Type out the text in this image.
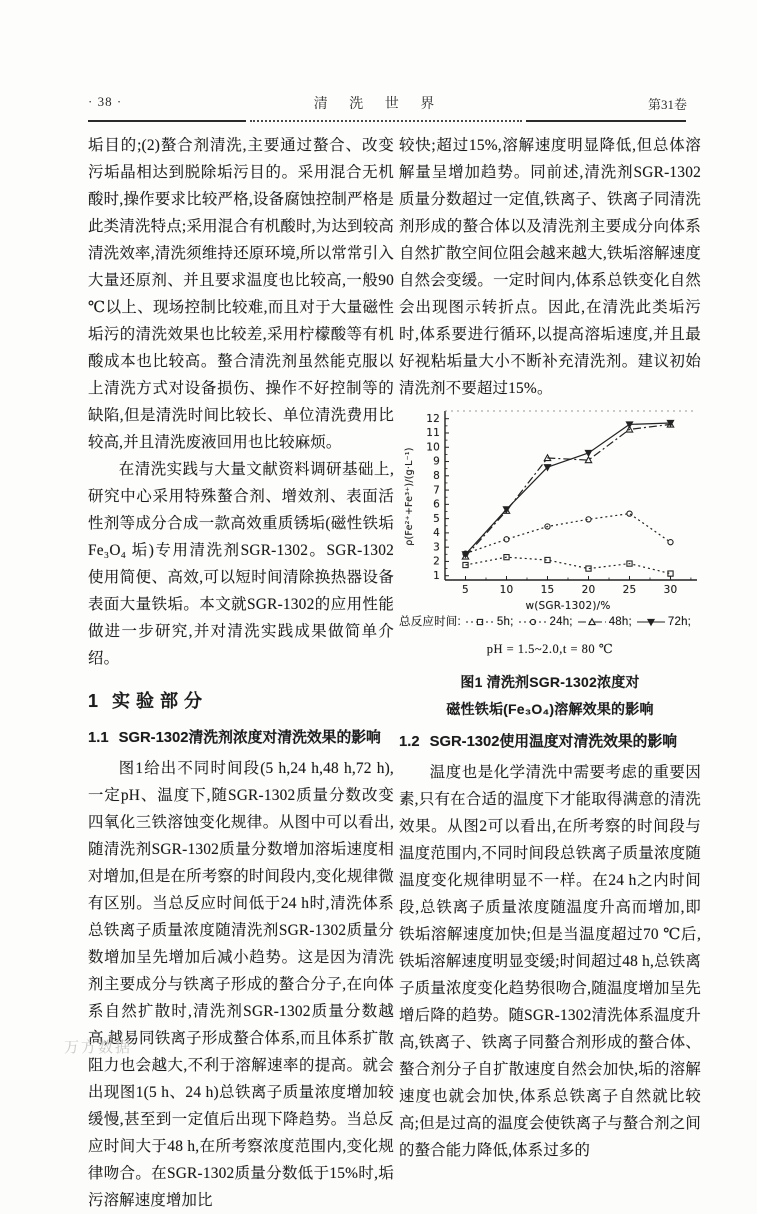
· 38 ·	清 洗 世 界	第31卷

垢目的;(2)螯合剂清洗,主要通过螯合、改变污垢晶相达到脱除垢污目的。采用混合无机酸时,操作要求比较严格,设备腐蚀控制严格是此类清洗特点;采用混合有机酸时,为达到较高清洗效率,清洗须维持还原环境,所以常常引入大量还原剂、并且要求温度也比较高,一般90 ℃以上、现场控制比较难,而且对于大量磁性垢污的清洗效果也比较差,采用柠檬酸等有机酸成本也比较高。螯合清洗剂虽然能克服以上清洗方式对设备损伤、操作不好控制等的缺陷,但是清洗时间比较长、单位清洗费用比较高,并且清洗废液回用也比较麻烦。

在清洗实践与大量文献资料调研基础上,研究中心采用特殊螯合剂、增效剂、表面活性剂等成分合成一款高效重质锈垢(磁性铁垢 Fe₃O₄ 垢)专用清洗剂SGR-1302。SGR-1302使用简便、高效,可以短时间清除换热器设备表面大量铁垢。本文就SGR-1302的应用性能做进一步研究,并对清洗实践成果做简单介绍。

1 实验部分
1.1 SGR-1302清洗剂浓度对清洗效果的影响

图1给出不同时间段(5 h,24 h,48 h,72 h),一定pH、温度下,随SGR-1302质量分数改变四氧化三铁溶蚀变化规律。从图中可以看出,随清洗剂SGR-1302质量分数增加溶垢速度相对增加,但是在所考察的时间段内,变化规律微有区别。当总反应时间低于24 h时,清洗体系总铁离子质量浓度随清洗剂SGR-1302质量分数增加呈先增加后减小趋势。这是因为清洗剂主要成分与铁离子形成的螯合分子,在向体系自然扩散时,清洗剂SGR-1302质量分数越高,越易同铁离子形成螯合体系,而且体系扩散阻力也会越大,不利于溶解速率的提高。就会出现图1(5 h、24 h)总铁离子质量浓度增加较缓慢,甚至到一定值后出现下降趋势。当总反应时间大于48 h,在所考察浓度范围内,变化规律吻合。在SGR-1302质量分数低于15%时,垢污溶解速度增加比

较快;超过15%,溶解速度明显降低,但总体溶解量呈增加趋势。同前述,清洗剂SGR-1302质量分数超过一定值,铁离子、铁离子同清洗剂形成的螯合体以及清洗剂主要成分向体系自然扩散空间位阻会越来越大,铁垢溶解速度自然会变缓。一定时间内,体系总铁变化自然会出现图示转折点。因此,在清洗此类垢污时,体系要进行循环,以提高溶垢速度,并且最好视粘垢量大小不断补充清洗剂。建议初始清洗剂不要超过15%。

1
2
3
4
5
6
7
8
9
10
11
12
5	10	15	20	25	30
w(SGR-1302)/%
ρ(Fe²⁺+Fe³⁺)/(g·L⁻¹)
总反应时间:	5h;	24h;	48h;	72h;
pH = 1.5~2.0,t = 80 ℃
图1 清洗剂SGR-1302浓度对
磁性铁垢(Fe₃O₄)溶解效果的影响
1.2 SGR-1302使用温度对清洗效果的影响

温度也是化学清洗中需要考虑的重要因素,只有在合适的温度下才能取得满意的清洗效果。从图2可以看出,在所考察的时间段与温度范围内,不同时间段总铁离子质量浓度随温度变化规律明显不一样。在24 h之内时间段,总铁离子质量浓度随温度升高而增加,即铁垢溶解速度加快;但是当温度超过70 ℃后,铁垢溶解速度明显变缓;时间超过48 h,总铁离子质量浓度变化趋势很吻合,随温度增加呈先增后降的趋势。随SGR-1302清洗体系温度升高,铁离子、铁离子同螯合剂形成的螯合体、螯合剂分子自扩散速度自然会加快,垢的溶解速度也就会加快,体系总铁离子自然就比较高;但是过高的温度会使铁离子与螯合剂之间的螯合能力降低,体系过多的

万方数据
